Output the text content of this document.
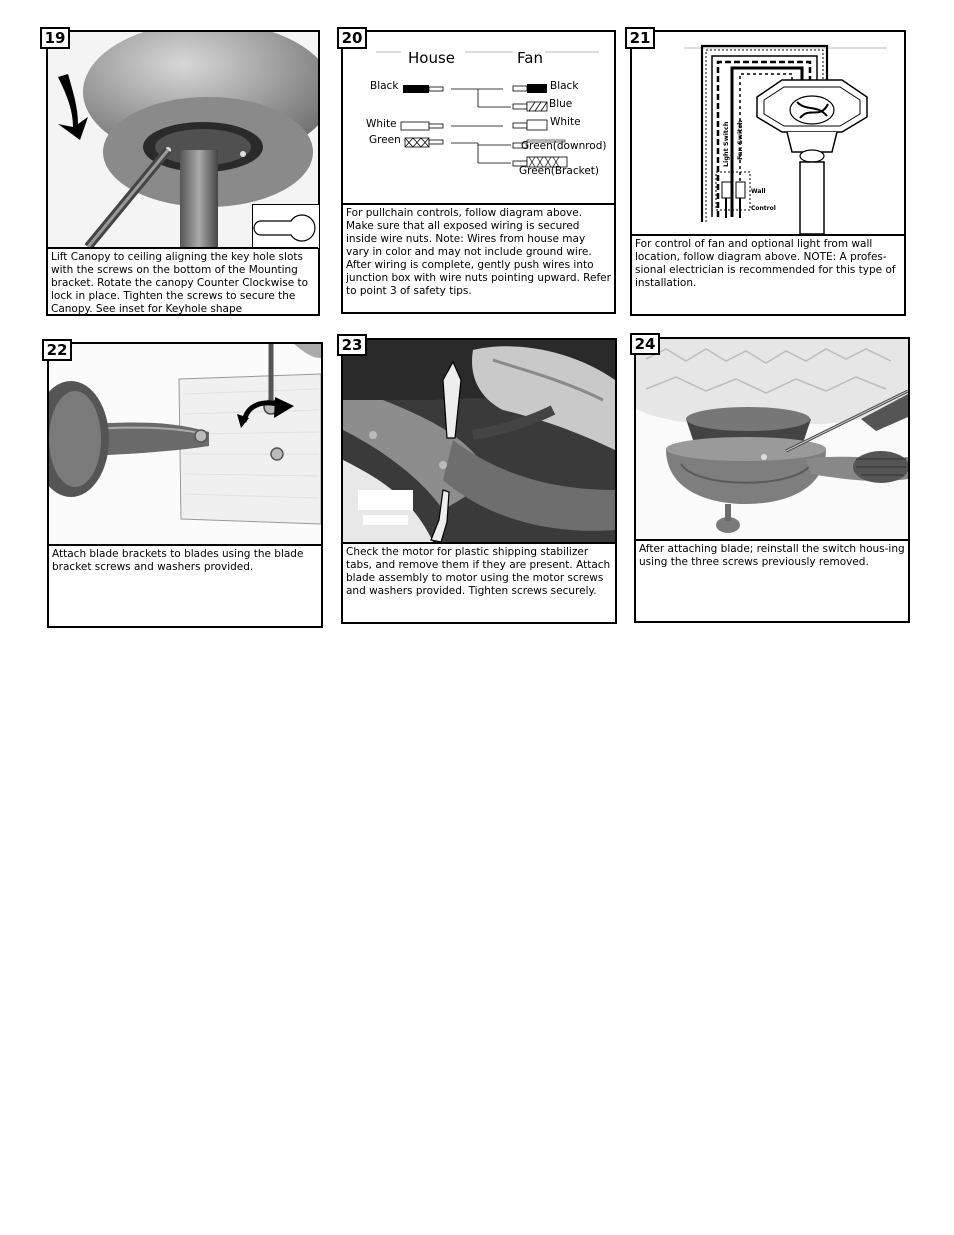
Lift Canopy to ceiling aligning the key hole slots with the screws on the bottom of the Mounting bracket. Rotate the canopy Counter Clockwise to lock in place. Tighten the screws to secure the Canopy. See inset for Keyhole shape

19
House	Fan
Black
White
Green
Black
Blue
White
Green(downrod)
Green(Bracket)

For pullchain controls, follow diagram above. Make sure that all exposed wiring is secured inside wire nuts. Note: Wires from house may vary in color and may not include ground wire. After wiring is complete, gently push wires into junction box with wire nuts pointing upward. Refer to point 3 of safety tips.

20
Light Switch Fan Switch
Wall
Control

For control of fan and optional light from wall location, follow diagram above. NOTE: A profes-sional electrician is recommended for this type of installation.

21

Attach blade brackets to blades using the blade bracket screws and washers provided.

22

Check the motor for plastic shipping stabilizer tabs, and remove them if they are present. Attach blade assembly to motor using the motor screws and washers provided. Tighten screws securely.

23

After attaching blade; reinstall the switch hous-ing using the three screws previously removed.

24
